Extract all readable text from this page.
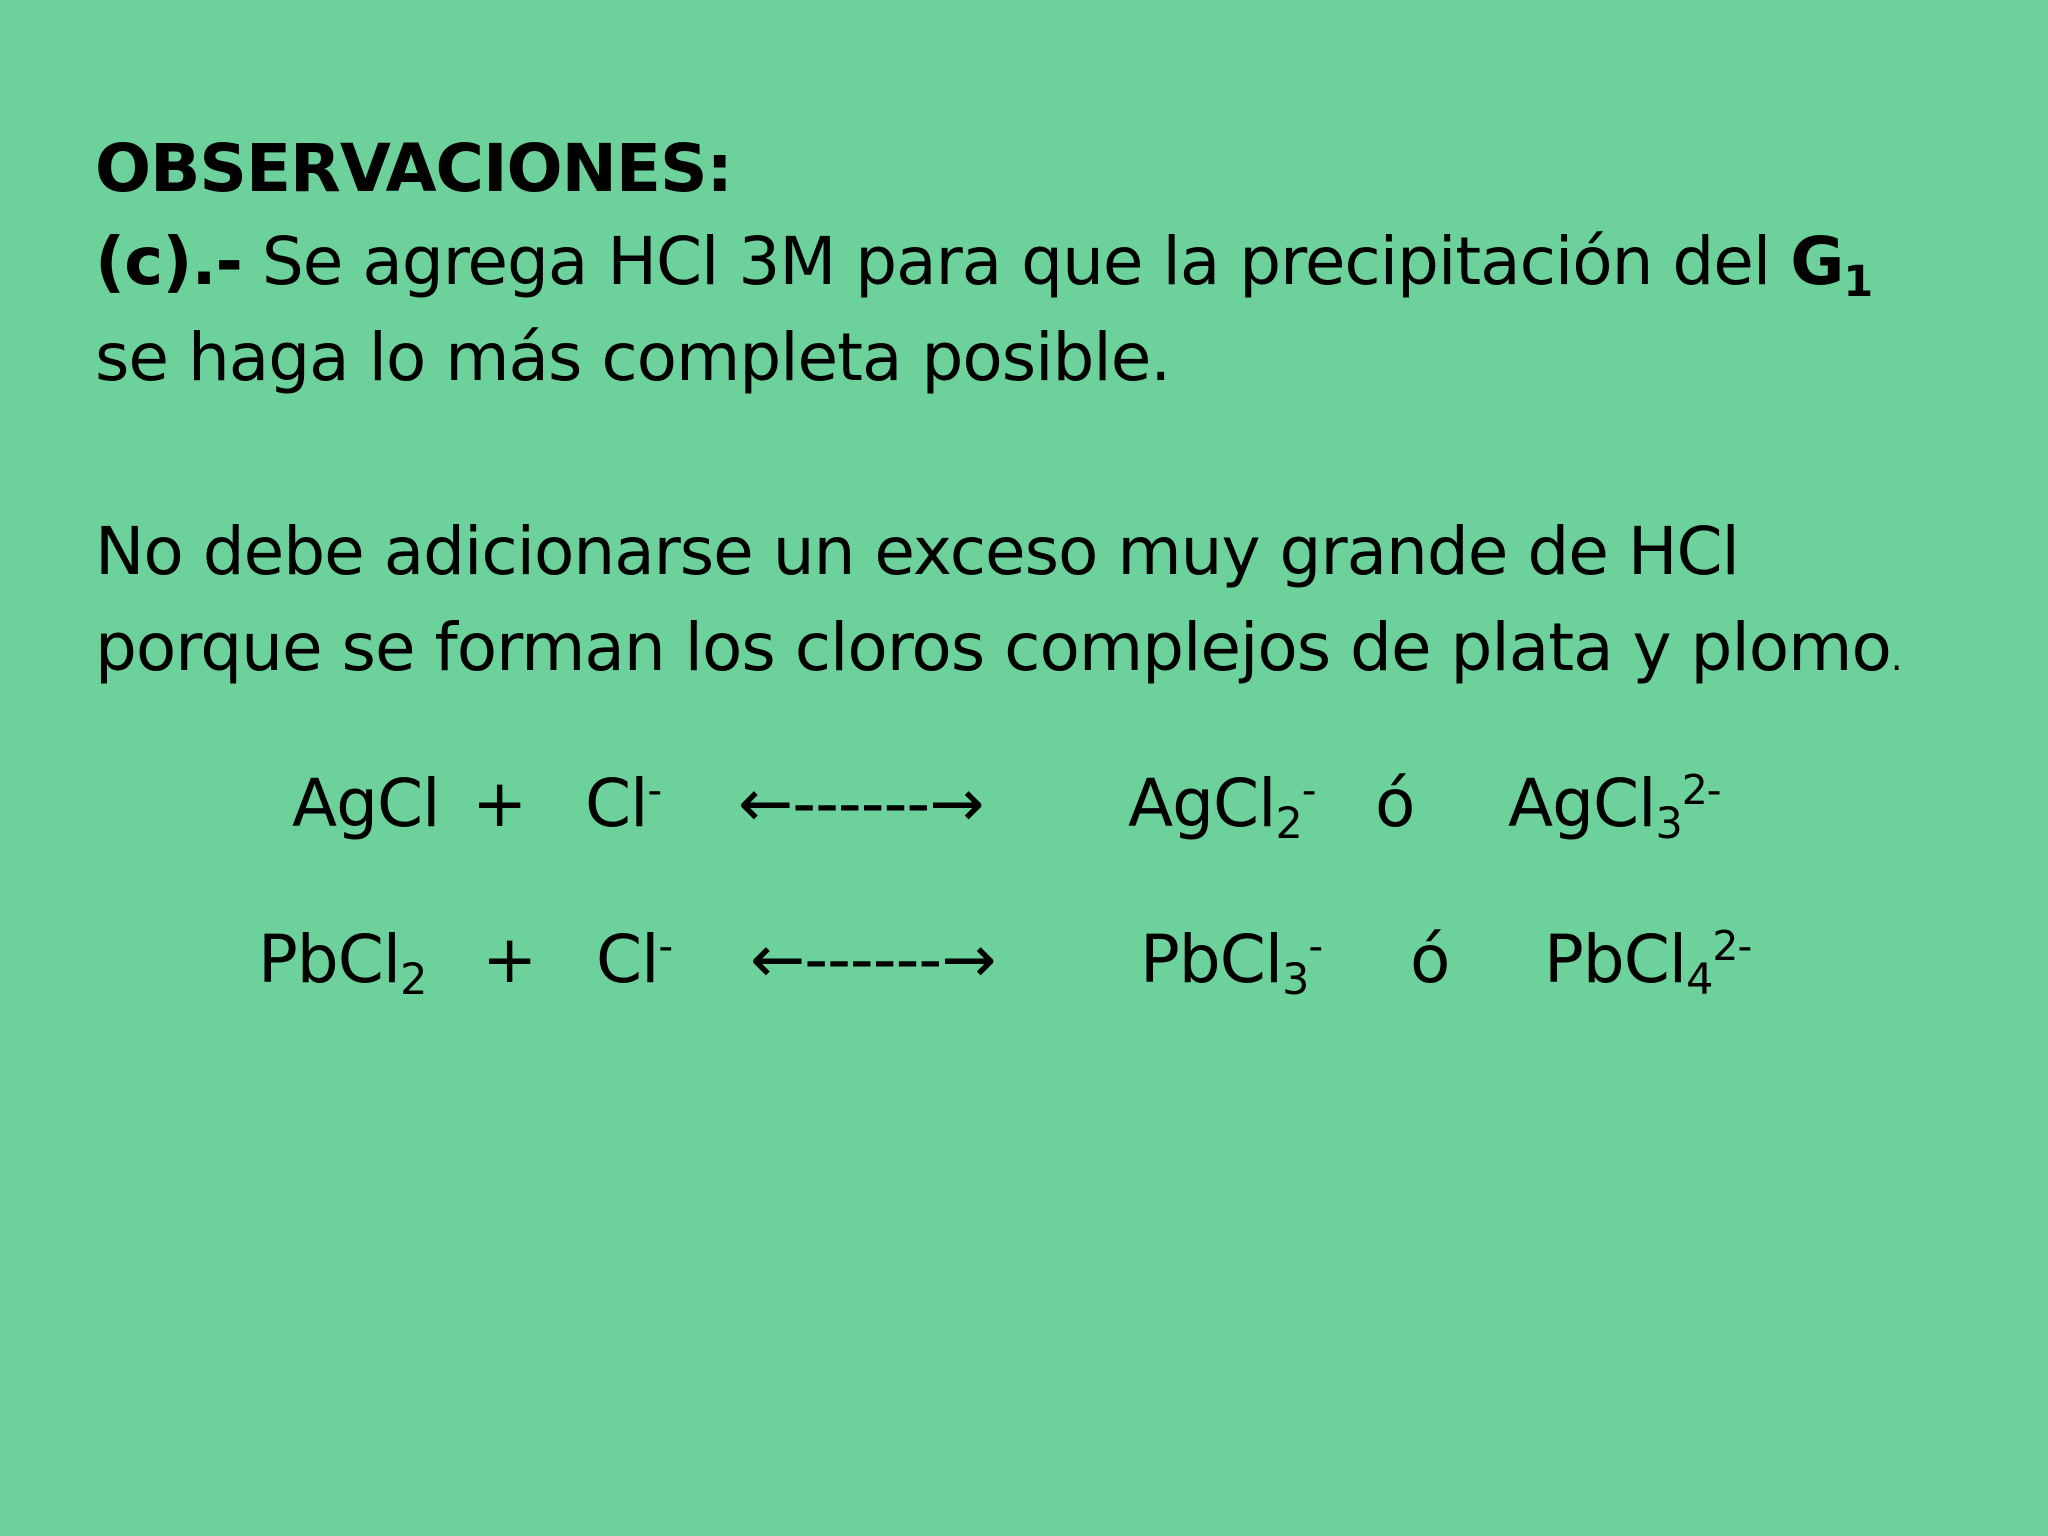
OBSERVACIONES:
(c).- Se agrega HCl 3M para que la precipitación del G1
se haga lo más completa posible.
No debe adicionarse un exceso muy grande de HCl
porque se forman los cloros complejos de plata y plomo.
AgCl + Cl- ←------→ AgCl2- ó $AgCl3^{2-}$
PbCl2 + Cl- ←------→ PbCl3- ó $PbCl4^{2-}$
